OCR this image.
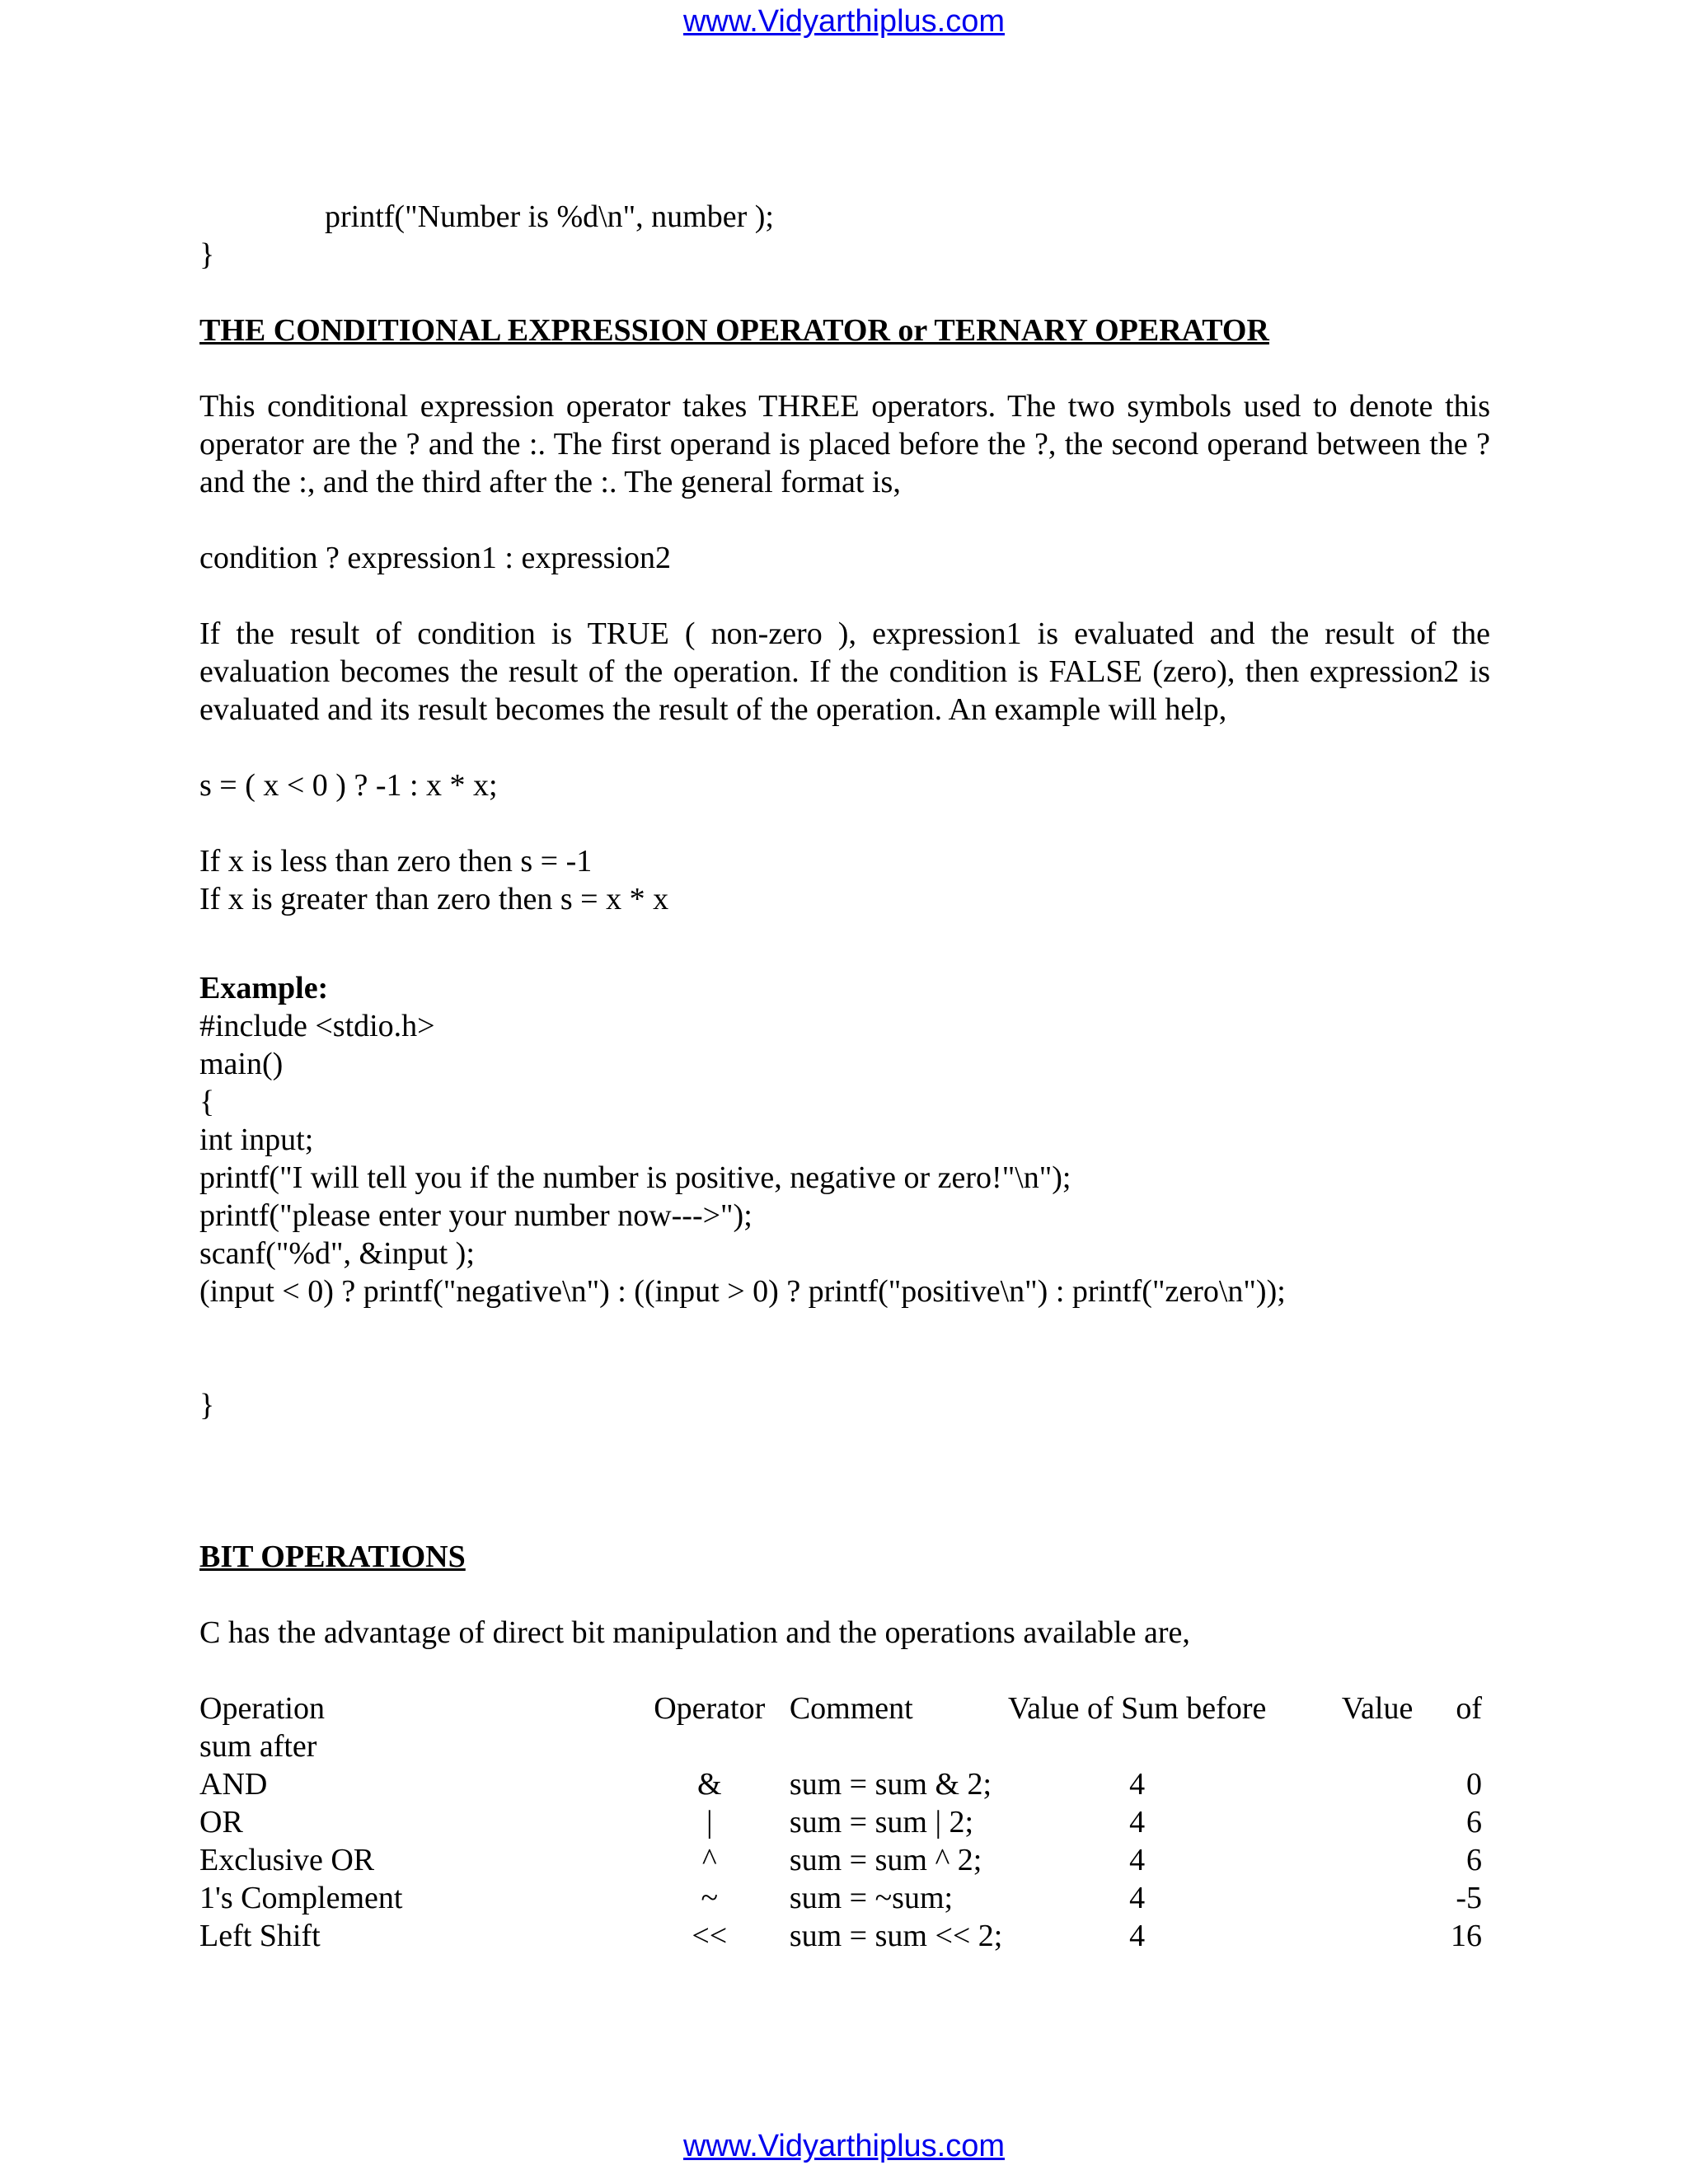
www.Vidyarthiplus.com
printf("Number is %d\n", number );
}
THE CONDITIONAL EXPRESSION OPERATOR or TERNARY OPERATOR
This conditional expression operator takes THREE operators. The two symbols used to denote this operator are the ? and the :. The first operand is placed before the ?, the second operand between the ? and the :, and the third after the :. The general format is,
condition ? expression1 : expression2
If the result of condition is TRUE ( non-zero ), expression1 is evaluated and the result of the evaluation becomes the result of the operation. If the condition is FALSE (zero), then expression2 is evaluated and its result becomes the result of the operation. An example will help,
s = ( x < 0 ) ? -1 : x * x;
If x is less than zero then s = -1
If x is greater than zero then s = x * x
Example:
#include <stdio.h>
main()
{
int input;
printf("I will tell you if the number is positive, negative or zero!"\n");
printf("please enter your number now--->");
scanf("%d", &input );
(input < 0) ? printf("negative\n") : ((input > 0) ? printf("positive\n") : printf("zero\n"));
}
BIT OPERATIONS
C has the advantage of direct bit manipulation and the operations available are,
Operation	Operator	Comment	Value of Sum before	Value of
sum after				
AND	&	sum = sum & 2;	4	0
OR	|	sum = sum | 2;	4	6
Exclusive OR	^	sum = sum ^ 2;	4	6
1's Complement	~	sum = ~sum;	4	-5
Left Shift	<<	sum = sum << 2;	4	16
www.Vidyarthiplus.com
